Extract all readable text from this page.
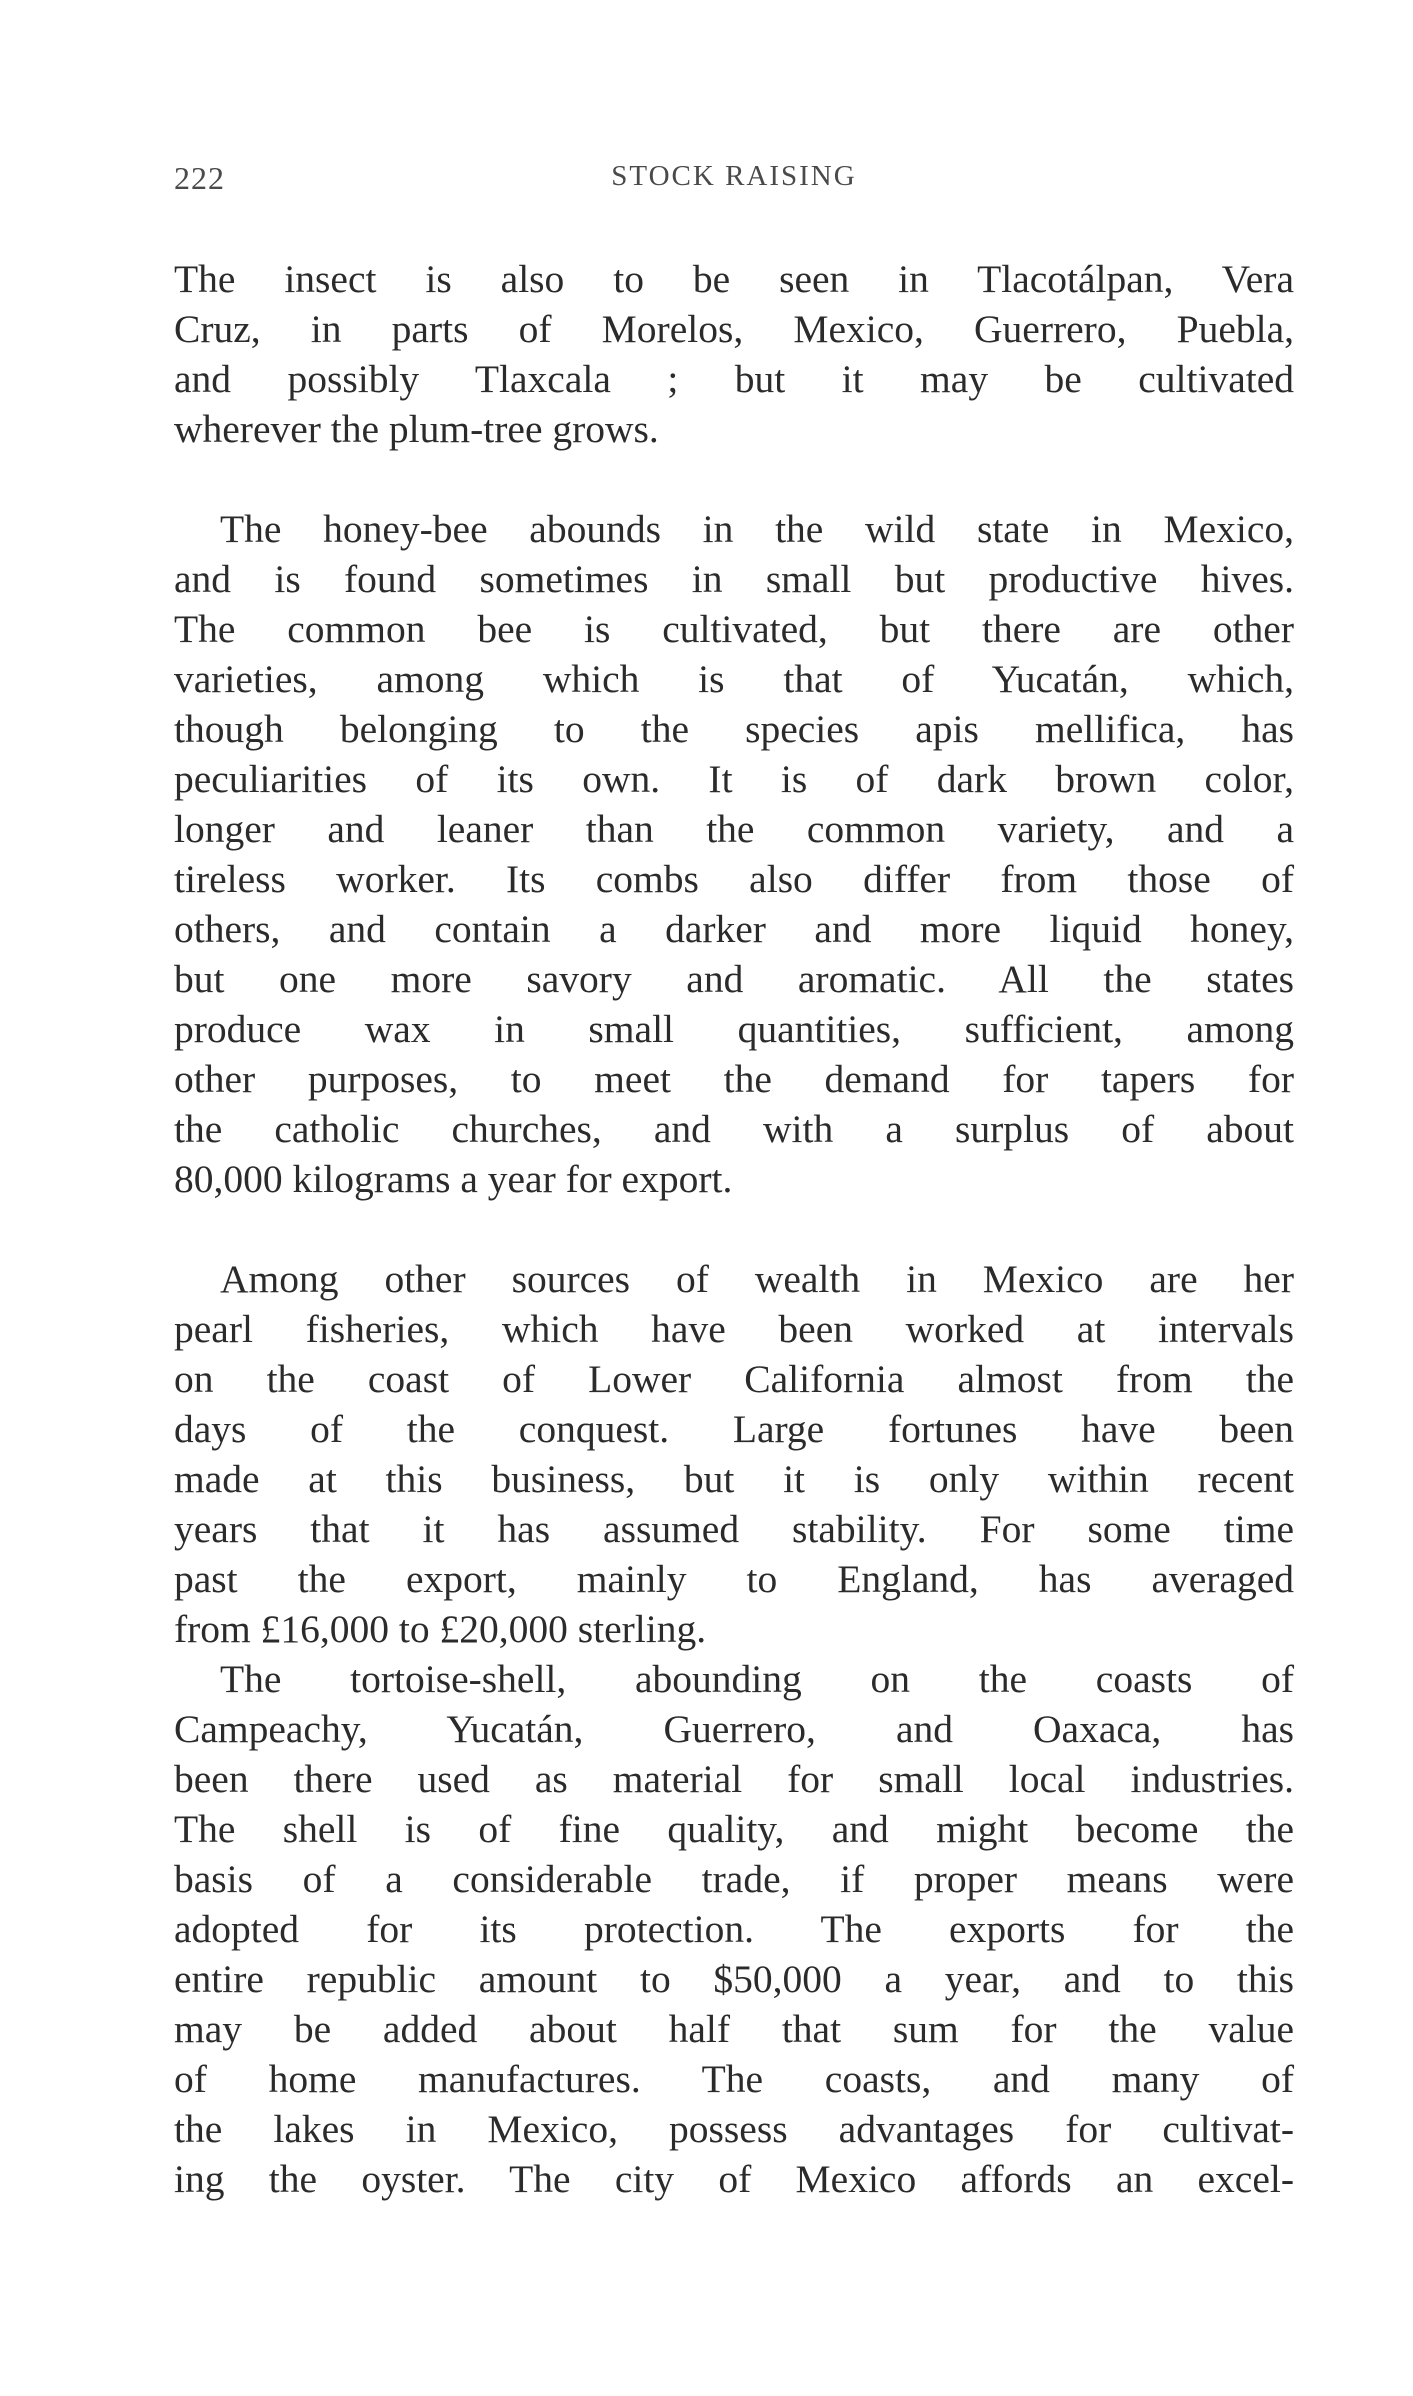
222	STOCK RAISING

The insect is also to be seen in Tlacotálpan, Vera
Cruz, in parts of Morelos, Mexico, Guerrero, Puebla,
and possibly Tlaxcala ; but it may be cultivated
wherever the plum-tree grows.

The honey-bee abounds in the wild state in Mexico,
and is found sometimes in small but productive hives.
The common bee is cultivated, but there are other
varieties, among which is that of Yucatán, which,
though belonging to the species apis mellifica, has
peculiarities of its own. It is of dark brown color,
longer and leaner than the common variety, and a
tireless worker. Its combs also differ from those of
others, and contain a darker and more liquid honey,
but one more savory and aromatic. All the states
produce wax in small quantities, sufficient, among
other purposes, to meet the demand for tapers for
the catholic churches, and with a surplus of about
80,000 kilograms a year for export.

Among other sources of wealth in Mexico are her
pearl fisheries, which have been worked at intervals
on the coast of Lower California almost from the
days of the conquest. Large fortunes have been
made at this business, but it is only within recent
years that it has assumed stability. For some time
past the export, mainly to England, has averaged
from £16,000 to £20,000 sterling.

The tortoise-shell, abounding on the coasts of
Campeachy, Yucatán, Guerrero, and Oaxaca, has
been there used as material for small local industries.
The shell is of fine quality, and might become the
basis of a considerable trade, if proper means were
adopted for its protection. The exports for the
entire republic amount to $50,000 a year, and to this
may be added about half that sum for the value
of home manufactures. The coasts, and many of
the lakes in Mexico, possess advantages for cultivat-
ing the oyster. The city of Mexico affords an excel-
